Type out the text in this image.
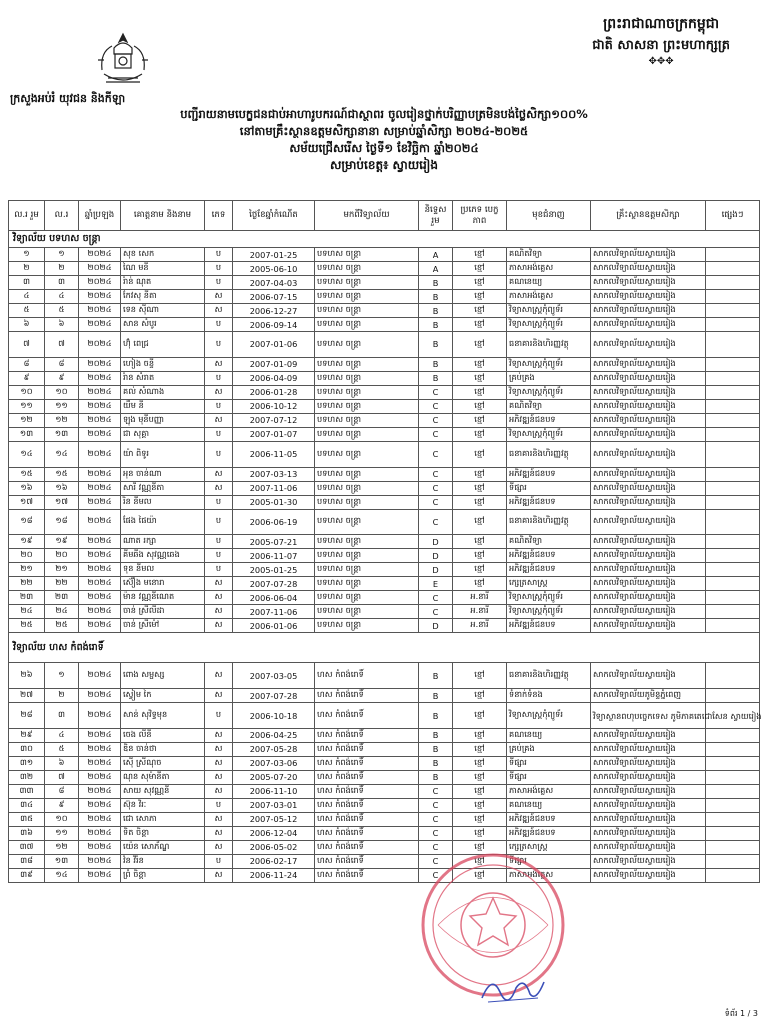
ក្រសួងអប់រំ យុវជន និងកីឡា
ព្រះរាជាណាចក្រកម្ពុជា
ជាតិ សាសនា ព្រះមហាក្សត្រ
✥✥✥
បញ្ជីរាយនាមបេក្ខជនជាប់អាហារូបករណ៍ជាស្ថាពរ ចូលរៀនថ្នាក់បរិញ្ញាបត្រមិនបង់ថ្លៃសិក្សា១០០%
នៅតាមគ្រឹះស្ថានឧត្តមសិក្សានានា សម្រាប់ឆ្នាំសិក្សា ២០២៤-២០២៥
សម័យជ្រើសរើស ថ្ងៃទី១ ខែវិច្ឆិកា ឆ្នាំ២០២៤
សម្រាប់ខេត្ត៖ ស្វាយរៀង
ល.រ រួម	ល.រ	ឆ្នាំប្រឡង	គោត្តនាម និងនាម	ភេទ	ថ្ងៃខែឆ្នាំកំណើត	មកពីវិទ្យាល័យ	និទ្ទេស រួម	ប្រភេទ បេក្ខភាព	មុខជំនាញ	គ្រឹះស្ថានឧត្តមសិក្សា	ផ្សេងៗ
វិទ្យាល័យ បទហស ចន្ត្រា											
១	១	២០២៤	សុខ សេក	ប	2007-01-25	បទហស ចន្ត្រា	A	ខ្មៅ	គណិតវិទ្យា	សាកលវិទ្យាល័យស្វាយរៀង	
២	២	២០២៤	ណៃ មនី	ប	2005-06-10	បទហស ចន្ត្រា	A	ខ្មៅ	ភាសាអង់គ្លេស	សាកលវិទ្យាល័យស្វាយរៀង	
៣	៣	២០២៤	រ៉ាន់ ណុត	ប	2007-04-03	បទហស ចន្ត្រា	B	ខ្មៅ	គណនេយ្យ	សាកលវិទ្យាល័យស្វាយរៀង	
៤	៤	២០២៤	កែវសុ នីតា	ស	2006-07-15	បទហស ចន្ត្រា	B	ខ្មៅ	ភាសាអង់គ្លេស	សាកលវិទ្យាល័យស្វាយរៀង	
៥	៥	២០២៤	ទេន ស៊ីណា	ស	2006-12-27	បទហស ចន្ត្រា	B	ខ្មៅ	វិទ្យាសាស្ត្រកុំព្យូទ័រ	សាកលវិទ្យាល័យស្វាយរៀង	
៦	៦	២០២៤	សាន សំបូរ	ប	2006-09-14	បទហស ចន្ត្រា	B	ខ្មៅ	វិទ្យាសាស្ត្រកុំព្យូទ័រ	សាកលវិទ្យាល័យស្វាយរៀង	
៧	៧	២០២៤	ហ៊ុំ ពេជ្រ	ប	2007-01-06	បទហស ចន្ត្រា	B	ខ្មៅ	ធនាគារនិងហិរញ្ញវត្ថុ	សាកលវិទ្យាល័យស្វាយរៀង	
៨	៨	២០២៤	ហៀង ចន្ទី	ស	2007-01-09	បទហស ចន្ត្រា	B	ខ្មៅ	វិទ្យាសាស្ត្រកុំព្យូទ័រ	សាកលវិទ្យាល័យស្វាយរៀង	
៩	៩	២០២៤	រ៉ាន សំរាត	ប	2006-04-09	បទហស ចន្ត្រា	B	ខ្មៅ	គ្រប់គ្រង	សាកលវិទ្យាល័យស្វាយរៀង	
១០	១០	២០២៤	គល់ សំណាង	ស	2006-01-28	បទហស ចន្ត្រា	C	ខ្មៅ	វិទ្យាសាស្ត្រកុំព្យូទ័រ	សាកលវិទ្យាល័យស្វាយរៀង	
១១	១១	២០២៤	យឹម នី	ប	2006-10-12	បទហស ចន្ត្រា	C	ខ្មៅ	គណិតវិទ្យា	សាកលវិទ្យាល័យស្វាយរៀង	
១២	១២	២០២៤	ឡុង មុនីបញ្ញា	ស	2007-07-12	បទហស ចន្ត្រា	C	ខ្មៅ	អភិវឌ្ឍន៍ជនបទ	សាកលវិទ្យាល័យស្វាយរៀង	
១៣	១៣	២០២៤	ជា សុគ្គា	ប	2007-01-07	បទហស ចន្ត្រា	C	ខ្មៅ	វិទ្យាសាស្ត្រកុំព្យូទ័រ	សាកលវិទ្យាល័យស្វាយរៀង	
១៤	១៤	២០២៤	យ៉ា ពិទូរ	ប	2006-11-05	បទហស ចន្ត្រា	C	ខ្មៅ	ធនាគារនិងហិរញ្ញវត្ថុ	សាកលវិទ្យាល័យស្វាយរៀង	
១៥	១៥	២០២៤	អុន ចាន់ណា	ស	2007-03-13	បទហស ចន្ត្រា	C	ខ្មៅ	អភិវឌ្ឍន៍ជនបទ	សាកលវិទ្យាល័យស្វាយរៀង	
១៦	១៦	២០២៤	សារី វណ្ណនីតា	ស	2007-11-06	បទហស ចន្ត្រា	C	ខ្មៅ	ទីផ្សារ	សាកលវិទ្យាល័យស្វាយរៀង	
១៧	១៧	២០២៤	រិន នីមល	ប	2005-01-30	បទហស ចន្ត្រា	C	ខ្មៅ	អភិវឌ្ឍន៍ជនបទ	សាកលវិទ្យាល័យស្វាយរៀង	
១៨	១៨	២០២៤	ផែង ផៃយ៉ា	ប	2006-06-19	បទហស ចន្ត្រា	C	ខ្មៅ	ធនាគារនិងហិរញ្ញវត្ថុ	សាកលវិទ្យាល័យស្វាយរៀង	
១៩	១៩	២០២៤	ណាត រក្សា	ប	2005-07-21	បទហស ចន្ត្រា	D	ខ្មៅ	គណិតវិទ្យា	សាកលវិទ្យាល័យស្វាយរៀង	
២០	២០	២០២៤	គីមឆីង សុវណ្ណឆេង	ប	2006-11-07	បទហស ចន្ត្រា	D	ខ្មៅ	អភិវឌ្ឍន៍ជនបទ	សាកលវិទ្យាល័យស្វាយរៀង	
២១	២១	២០២៤	ទុន នីមល	ប	2005-01-25	បទហស ចន្ត្រា	D	ខ្មៅ	អភិវឌ្ឍន៍ជនបទ	សាកលវិទ្យាល័យស្វាយរៀង	
២២	២២	២០២៤	ស៊ឿង មនោរា	ស	2007-07-28	បទហស ចន្ត្រា	E	ខ្មៅ	ក្សេត្រសាស្ត្រ	សាកលវិទ្យាល័យស្វាយរៀង	
២៣	២៣	២០២៤	ម៉ាន វណ្ណនីណេត	ស	2006-06-04	បទហស ចន្ត្រា	C	អ.នារី	វិទ្យាសាស្ត្រកុំព្យូទ័រ	សាកលវិទ្យាល័យស្វាយរៀង	
២៤	២៤	២០២៤	ចាន់ ស្រីលីដា	ស	2007-11-06	បទហស ចន្ត្រា	C	អ.នារី	វិទ្យាសាស្ត្រកុំព្យូទ័រ	សាកលវិទ្យាល័យស្វាយរៀង	
២៥	២៥	២០២៤	ចាន់ ស្រីម៉ៅ	ស	2006-01-06	បទហស ចន្ត្រា	D	អ.នារី	អភិវឌ្ឍន៍ជនបទ	សាកលវិទ្យាល័យស្វាយរៀង	
វិទ្យាល័យ ហស កំពង់រោទិ៍											
២៦	១	២០២៤	ពោង សម្ផស្ស	ស	2007-03-05	ហស កំពង់រោទិ៍	B	ខ្មៅ	ធនាគារនិងហិរញ្ញវត្ថុ	សាកលវិទ្យាល័យស្វាយរៀង	
២៧	២	២០២៤	ស្វៀម កៃ	ស	2007-07-28	ហស កំពង់រោទិ៍	B	ខ្មៅ	ទំនាក់ទំនង	សាកលវិទ្យាល័យភូមិន្ទភ្នំពេញ	
២៨	៣	២០២៤	សាន់ សុវិទ្ធមុន	ប	2006-10-18	ហស កំពង់រោទិ៍	B	ខ្មៅ	វិទ្យាសាស្ត្រកុំព្យូទ័រ	វិទ្យាស្ថានពហុបច្ចេកទេស ភូមិភាគតេជោសែន ស្វាយរៀង	
២៩	៤	២០២៤	ចេង លីនី	ស	2006-04-25	ហស កំពង់រោទិ៍	B	ខ្មៅ	គណនេយ្យ	សាកលវិទ្យាល័យស្វាយរៀង	
៣០	៥	២០២៤	ឌិន ចាន់ថា	ស	2007-05-28	ហស កំពង់រោទិ៍	B	ខ្មៅ	គ្រប់គ្រង	សាកលវិទ្យាល័យស្វាយរៀង	
៣១	៦	២០២៤	ស៊ើ ស្រីណុច	ស	2007-03-06	ហស កំពង់រោទិ៍	B	ខ្មៅ	ទីផ្សារ	សាកលវិទ្យាល័យស្វាយរៀង	
៣២	៧	២០២៤	ណុន សុម៉ានីតា	ស	2005-07-20	ហស កំពង់រោទិ៍	B	ខ្មៅ	ទីផ្សារ	សាកលវិទ្យាល័យស្វាយរៀង	
៣៣	៨	២០២៤	សាយ សុវណ្ណនី	ស	2006-11-10	ហស កំពង់រោទិ៍	C	ខ្មៅ	ភាសាអង់គ្លេស	សាកលវិទ្យាល័យស្វាយរៀង	
៣៤	៩	២០២៤	ស៊ុន វិរៈ	ប	2007-03-01	ហស កំពង់រោទិ៍	C	ខ្មៅ	គណនេយ្យ	សាកលវិទ្យាល័យស្វាយរៀង	
៣៥	១០	២០២៤	ជោ សោភា	ស	2007-05-12	ហស កំពង់រោទិ៍	C	ខ្មៅ	អភិវឌ្ឍន៍ជនបទ	សាកលវិទ្យាល័យស្វាយរៀង	
៣៦	១១	២០២៤	ទិត ចិន្តា	ស	2006-12-04	ហស កំពង់រោទិ៍	C	ខ្មៅ	អភិវឌ្ឍន៍ជនបទ	សាកលវិទ្យាល័យស្វាយរៀង	
៣៧	១២	២០២៤	យ៉េន សោភ័ណ្ឌ	ស	2006-05-02	ហស កំពង់រោទិ៍	C	ខ្មៅ	ក្សេត្រសាស្ត្រ	សាកលវិទ្យាល័យស្វាយរៀង	
៣៨	១៣	២០២៤	វ៉ន វីរ៉ន	ប	2006-02-17	ហស កំពង់រោទិ៍	C	ខ្មៅ	ទីផ្សារ	សាកលវិទ្យាល័យស្វាយរៀង	
៣៩	១៤	២០២៤	ព្រំ ចិន្តា	ស	2006-11-24	ហស កំពង់រោទិ៍	C	ខ្មៅ	ភាសាអង់គ្លេស	សាកលវិទ្យាល័យស្វាយរៀង	
ទំព័រ 1 / 3
